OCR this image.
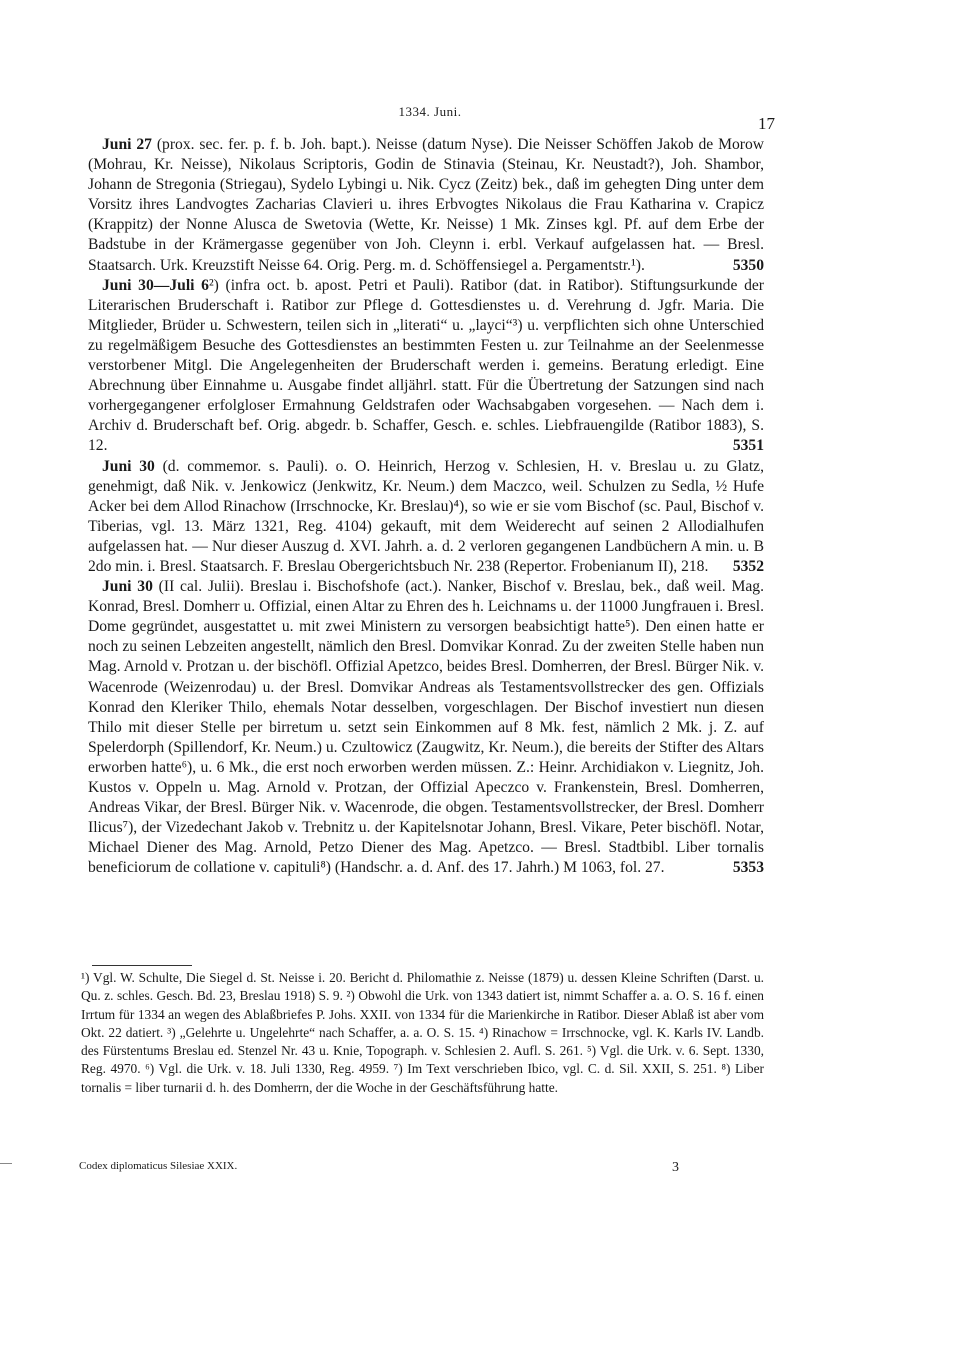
1334. Juni.
17

Juni 27 (prox. sec. fer. p. f. b. Joh. bapt.). Neisse (datum Nyse). Die Neisser Schöffen Jakob de Morow (Mohrau, Kr. Neisse), Nikolaus Scriptoris, Godin de Stinavia (Steinau, Kr. Neustadt?), Joh. Shambor, Johann de Stregonia (Striegau), Sydelo Lybingi u. Nik. Cycz (Zeitz) bek., daß im gehegten Ding unter dem Vorsitz ihres Landvogtes Zacharias Clavieri u. ihres Erbvogtes Nikolaus die Frau Katharina v. Crapicz (Krappitz) der Nonne Alusca de Swetovia (Wette, Kr. Neisse) 1 Mk. Zinses kgl. Pf. auf dem Erbe der Badstube in der Krämergasse gegenüber von Joh. Cleynn i. erbl. Verkauf aufgelassen hat. — Bresl. Staatsarch. Urk. Kreuzstift Neisse 64. Orig. Perg. m. d. Schöffensiegel a. Pergamentstr.¹).	5350

Juni 30—Juli 6²) (infra oct. b. apost. Petri et Pauli). Ratibor (dat. in Ratibor). Stiftungsurkunde der Literarischen Bruderschaft i. Ratibor zur Pflege d. Gottesdienstes u. d. Verehrung d. Jgfr. Maria. Die Mitglieder, Brüder u. Schwestern, teilen sich in „literati“ u. „layci“³) u. verpflichten sich ohne Unterschied zu regelmäßigem Besuche des Gottesdienstes an bestimmten Festen u. zur Teilnahme an der Seelenmesse verstorbener Mitgl. Die Angelegenheiten der Bruderschaft werden i. gemeins. Beratung erledigt. Eine Abrechnung über Einnahme u. Ausgabe findet alljährl. statt. Für die Übertretung der Satzungen sind nach vorhergegangener erfolgloser Ermahnung Geldstrafen oder Wachsabgaben vorgesehen. — Nach dem i. Archiv d. Bruderschaft bef. Orig. abgedr. b. Schaffer, Gesch. e. schles. Liebfrauengilde (Ratibor 1883), S. 12.	5351

Juni 30 (d. commemor. s. Pauli). o. O. Heinrich, Herzog v. Schlesien, H. v. Breslau u. zu Glatz, genehmigt, daß Nik. v. Jenkowicz (Jenkwitz, Kr. Neum.) dem Maczco, weil. Schulzen zu Sedla, ½ Hufe Acker bei dem Allod Rinachow (Irrschnocke, Kr. Breslau)⁴), so wie er sie vom Bischof (sc. Paul, Bischof v. Tiberias, vgl. 13. März 1321, Reg. 4104) gekauft, mit dem Weiderecht auf seinen 2 Allodialhufen aufgelassen hat. — Nur dieser Auszug d. XVI. Jahrh. a. d. 2 verloren gegangenen Landbüchern A min. u. B 2do min. i. Bresl. Staatsarch. F. Breslau Obergerichtsbuch Nr. 238 (Repertor. Frobenianum II), 218. 5352

Juni 30 (II cal. Julii). Breslau i. Bischofshofe (act.). Nanker, Bischof v. Breslau, bek., daß weil. Mag. Konrad, Bresl. Domherr u. Offizial, einen Altar zu Ehren des h. Leichnams u. der 11000 Jungfrauen i. Bresl. Dome gegründet, ausgestattet u. mit zwei Ministern zu versorgen beabsichtigt hatte⁵). Den einen hatte er noch zu seinen Lebzeiten angestellt, nämlich den Bresl. Domvikar Konrad. Zu der zweiten Stelle haben nun Mag. Arnold v. Protzan u. der bischöfl. Offizial Apetzco, beides Bresl. Domherren, der Bresl. Bürger Nik. v. Wacenrode (Weizenrodau) u. der Bresl. Domvikar Andreas als Testamentsvollstrecker des gen. Offizials Konrad den Kleriker Thilo, ehemals Notar desselben, vorgeschlagen. Der Bischof investiert nun diesen Thilo mit dieser Stelle per birretum u. setzt sein Einkommen auf 8 Mk. fest, nämlich 2 Mk. j. Z. auf Spelerdorph (Spillendorf, Kr. Neum.) u. Czultowicz (Zaugwitz, Kr. Neum.), die bereits der Stifter des Altars erworben hatte⁶), u. 6 Mk., die erst noch erworben werden müssen. Z.: Heinr. Archidiakon v. Liegnitz, Joh. Kustos v. Oppeln u. Mag. Arnold v. Protzan, der Offizial Apeczco v. Frankenstein, Bresl. Domherren, Andreas Vikar, der Bresl. Bürger Nik. v. Wacenrode, die obgen. Testamentsvollstrecker, der Bresl. Domherr Ilicus⁷), der Vizedechant Jakob v. Trebnitz u. der Kapitelsnotar Johann, Bresl. Vikare, Peter bischöfl. Notar, Michael Diener des Mag. Arnold, Petzo Diener des Mag. Apetzco. — Bresl. Stadtbibl. Liber tornalis beneficiorum de collatione v. capituli⁸) (Handschr. a. d. Anf. des 17. Jahrh.) M 1063, fol. 27.	5353

¹) Vgl. W. Schulte, Die Siegel d. St. Neisse i. 20. Bericht d. Philomathie z. Neisse (1879) u. dessen Kleine Schriften (Darst. u. Qu. z. schles. Gesch. Bd. 23, Breslau 1918) S. 9. ²) Obwohl die Urk. von 1343 datiert ist, nimmt Schaffer a. a. O. S. 16 f. einen Irrtum für 1334 an wegen des Ablaßbriefes P. Johs. XXII. von 1334 für die Marienkirche in Ratibor. Dieser Ablaß ist aber vom Okt. 22 datiert. ³) „Gelehrte u. Ungelehrte“ nach Schaffer, a. a. O. S. 15. ⁴) Rinachow = Irrschnocke, vgl. K. Karls IV. Landb. des Fürstentums Breslau ed. Stenzel Nr. 43 u. Knie, Topograph. v. Schlesien 2. Aufl. S. 261. ⁵) Vgl. die Urk. v. 6. Sept. 1330, Reg. 4970. ⁶) Vgl. die Urk. v. 18. Juli 1330, Reg. 4959. ⁷) Im Text verschrieben Ibico, vgl. C. d. Sil. XXII, S. 251. ⁸) Liber tornalis = liber turnarii d. h. des Domherrn, der die Woche in der Geschäftsführung hatte.

Codex diplomaticus Silesiae XXIX.	3
